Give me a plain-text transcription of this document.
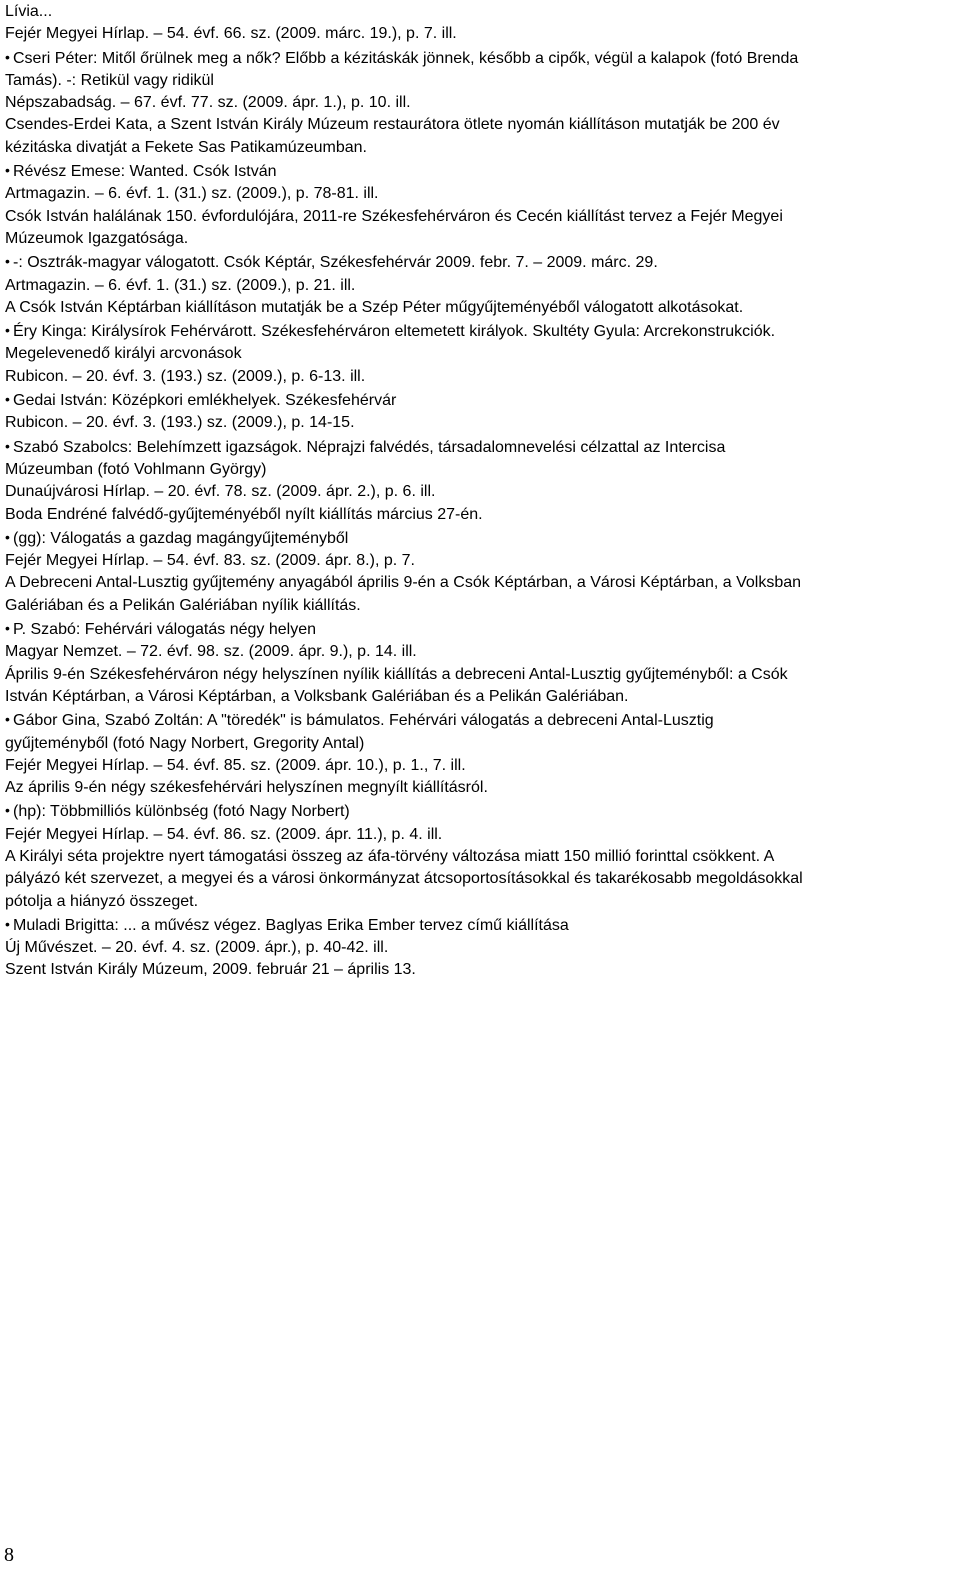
Lívia...

Fejér Megyei Hírlap. – 54. évf. 66. sz. (2009. márc. 19.), p. 7. ill.

• Cseri Péter: Mitől őrülnek meg a nők? Előbb a kézitáskák jönnek, később a cipők, végül a kalapok (fotó Brenda

Tamás). -: Retikül vagy ridikül

Népszabadság. – 67. évf. 77. sz. (2009. ápr. 1.), p. 10. ill.

Csendes-Erdei Kata, a Szent István Király Múzeum restaurátora ötlete nyomán kiállításon mutatják be 200 év

kézitáska divatját a Fekete Sas Patikamúzeumban.

• Révész Emese: Wanted. Csók István

Artmagazin. – 6. évf. 1. (31.) sz. (2009.), p. 78-81. ill.

Csók István halálának 150. évfordulójára, 2011-re Székesfehérváron és Cecén kiállítást tervez a Fejér Megyei

Múzeumok Igazgatósága.

• -: Osztrák-magyar válogatott. Csók Képtár, Székesfehérvár 2009. febr. 7. – 2009. márc. 29.

Artmagazin. – 6. évf. 1. (31.) sz. (2009.), p. 21. ill.

A Csók István Képtárban kiállításon mutatják be a Szép Péter műgyűjteményéből válogatott alkotásokat.

• Éry Kinga: Királysírok Fehérvárott. Székesfehérváron eltemetett királyok. Skultéty Gyula: Arcrekonstrukciók.

Megelevenedő királyi arcvonások

Rubicon. – 20. évf. 3. (193.) sz. (2009.), p. 6-13. ill.

• Gedai István: Középkori emlékhelyek. Székesfehérvár

Rubicon. – 20. évf. 3. (193.) sz. (2009.), p. 14-15.

• Szabó Szabolcs: Belehímzett igazságok. Néprajzi falvédés, társadalomnevelési célzattal az Intercisa

Múzeumban (fotó Vohlmann György)

Dunaújvárosi Hírlap. – 20. évf. 78. sz. (2009. ápr. 2.), p. 6. ill.

Boda Endréné falvédő-gyűjteményéből nyílt kiállítás március 27-én.

• (gg): Válogatás a gazdag magángyűjteményből

Fejér Megyei Hírlap. – 54. évf. 83. sz. (2009. ápr. 8.), p. 7.

A Debreceni Antal-Lusztig gyűjtemény anyagából április 9-én a Csók Képtárban, a Városi Képtárban, a Volksban

Galériában és a Pelikán Galériában nyílik kiállítás.

• P. Szabó: Fehérvári válogatás négy helyen

Magyar Nemzet. – 72. évf. 98. sz. (2009. ápr. 9.), p. 14. ill.

Április 9-én Székesfehérváron négy helyszínen nyílik kiállítás a debreceni Antal-Lusztig gyűjteményből: a Csók

István Képtárban, a Városi Képtárban, a Volksbank Galériában és a Pelikán Galériában.

• Gábor Gina, Szabó Zoltán: A "töredék" is bámulatos. Fehérvári válogatás a debreceni Antal-Lusztig

gyűjteményből (fotó Nagy Norbert, Gregority Antal)

Fejér Megyei Hírlap. – 54. évf. 85. sz. (2009. ápr. 10.), p. 1., 7. ill.

Az április 9-én négy székesfehérvári helyszínen megnyílt kiállításról.

• (hp): Többmilliós különbség (fotó Nagy Norbert)

Fejér Megyei Hírlap. – 54. évf. 86. sz. (2009. ápr. 11.), p. 4. ill.

A Királyi séta projektre nyert támogatási összeg az áfa-törvény változása miatt 150 millió forinttal csökkent. A

pályázó két szervezet, a megyei és a városi önkormányzat átcsoportosításokkal és takarékosabb megoldásokkal

pótolja a hiányzó összeget.

• Muladi Brigitta: ... a művész végez. Baglyas Erika Ember tervez című kiállítása

Új Művészet. – 20. évf. 4. sz. (2009. ápr.), p. 40-42. ill.

Szent István Király Múzeum, 2009. február 21 – április 13.

8
